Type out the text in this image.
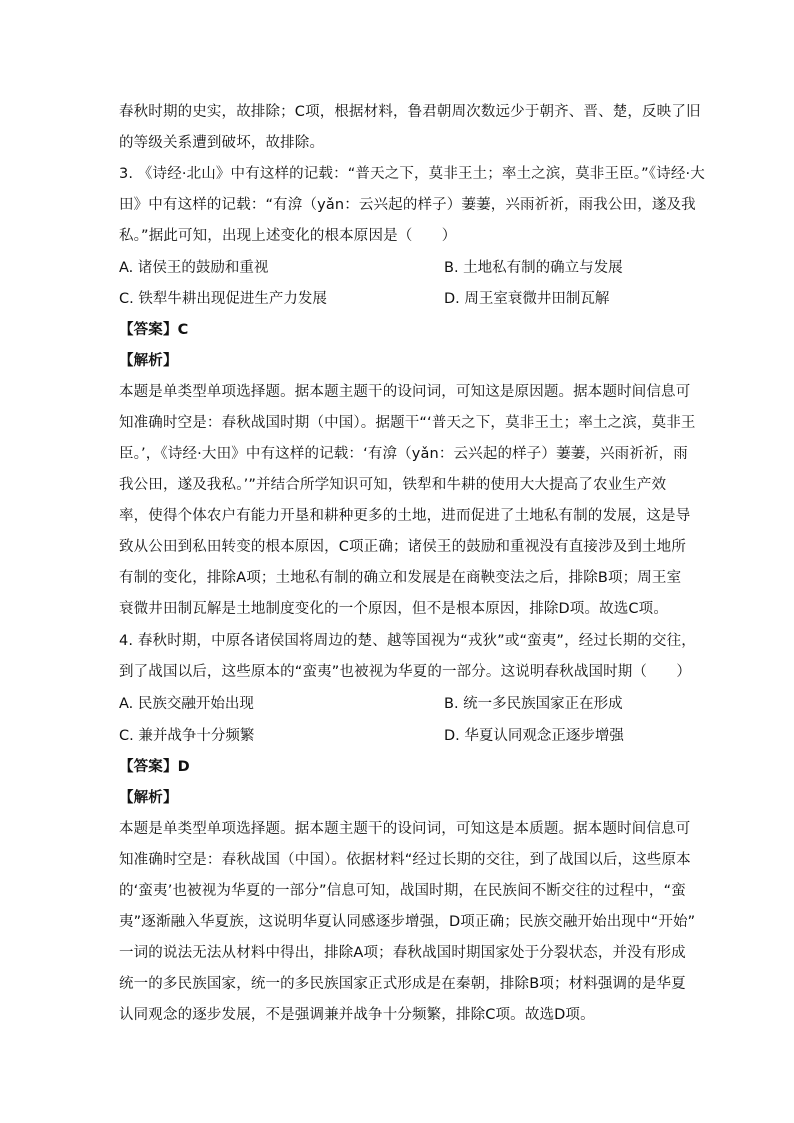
春秋时期的史实，故排除；C项，根据材料，鲁君朝周次数远少于朝齐、晋、楚，反映了旧
的等级关系遭到破坏，故排除。
3. 《诗经·北山》中有这样的记载：“普天之下，莫非王土；率土之滨，莫非王臣。”《诗经·大
田》中有这样的记载：“有渰（yǎn：云兴起的样子）萋萋，兴雨祈祈，雨我公田，遂及我
私。”据此可知，出现上述变化的根本原因是（　　）
A. 诸侯王的鼓励和重视	B. 土地私有制的确立与发展
C. 铁犁牛耕出现促进生产力发展	D. 周王室衰微井田制瓦解
【答案】C
【解析】
本题是单类型单项选择题。据本题主题干的设问词，可知这是原因题。据本题时间信息可
知准确时空是：春秋战国时期（中国）。据题干“‘普天之下，莫非王土；率土之滨，莫非王
臣。’，《诗经·大田》中有这样的记载：‘有渰（yǎn：云兴起的样子）萋萋，兴雨祈祈，雨
我公田，遂及我私。’”并结合所学知识可知，铁犁和牛耕的使用大大提高了农业生产效
率，使得个体农户有能力开垦和耕种更多的土地，进而促进了土地私有制的发展，这是导
致从公田到私田转变的根本原因，C项正确；诸侯王的鼓励和重视没有直接涉及到土地所
有制的变化，排除A项；土地私有制的确立和发展是在商鞅变法之后，排除B项；周王室
衰微井田制瓦解是土地制度变化的一个原因，但不是根本原因，排除D项。故选C项。
4. 春秋时期，中原各诸侯国将周边的楚、越等国视为“戎狄”或“蛮夷”，经过长期的交往，
到了战国以后，这些原本的“蛮夷”也被视为华夏的一部分。这说明春秋战国时期（　　）
A. 民族交融开始出现	B. 统一多民族国家正在形成
C. 兼并战争十分频繁	D. 华夏认同观念正逐步增强
【答案】D
【解析】
本题是单类型单项选择题。据本题主题干的设问词，可知这是本质题。据本题时间信息可
知准确时空是：春秋战国（中国）。依据材料“经过长期的交往，到了战国以后，这些原本
的‘蛮夷’也被视为华夏的一部分”信息可知，战国时期，在民族间不断交往的过程中，“蛮
夷”逐渐融入华夏族，这说明华夏认同感逐步增强，D项正确；民族交融开始出现中“开始”
一词的说法无法从材料中得出，排除A项；春秋战国时期国家处于分裂状态，并没有形成
统一的多民族国家，统一的多民族国家正式形成是在秦朝，排除B项；材料强调的是华夏
认同观念的逐步发展，不是强调兼并战争十分频繁，排除C项。故选D项。
